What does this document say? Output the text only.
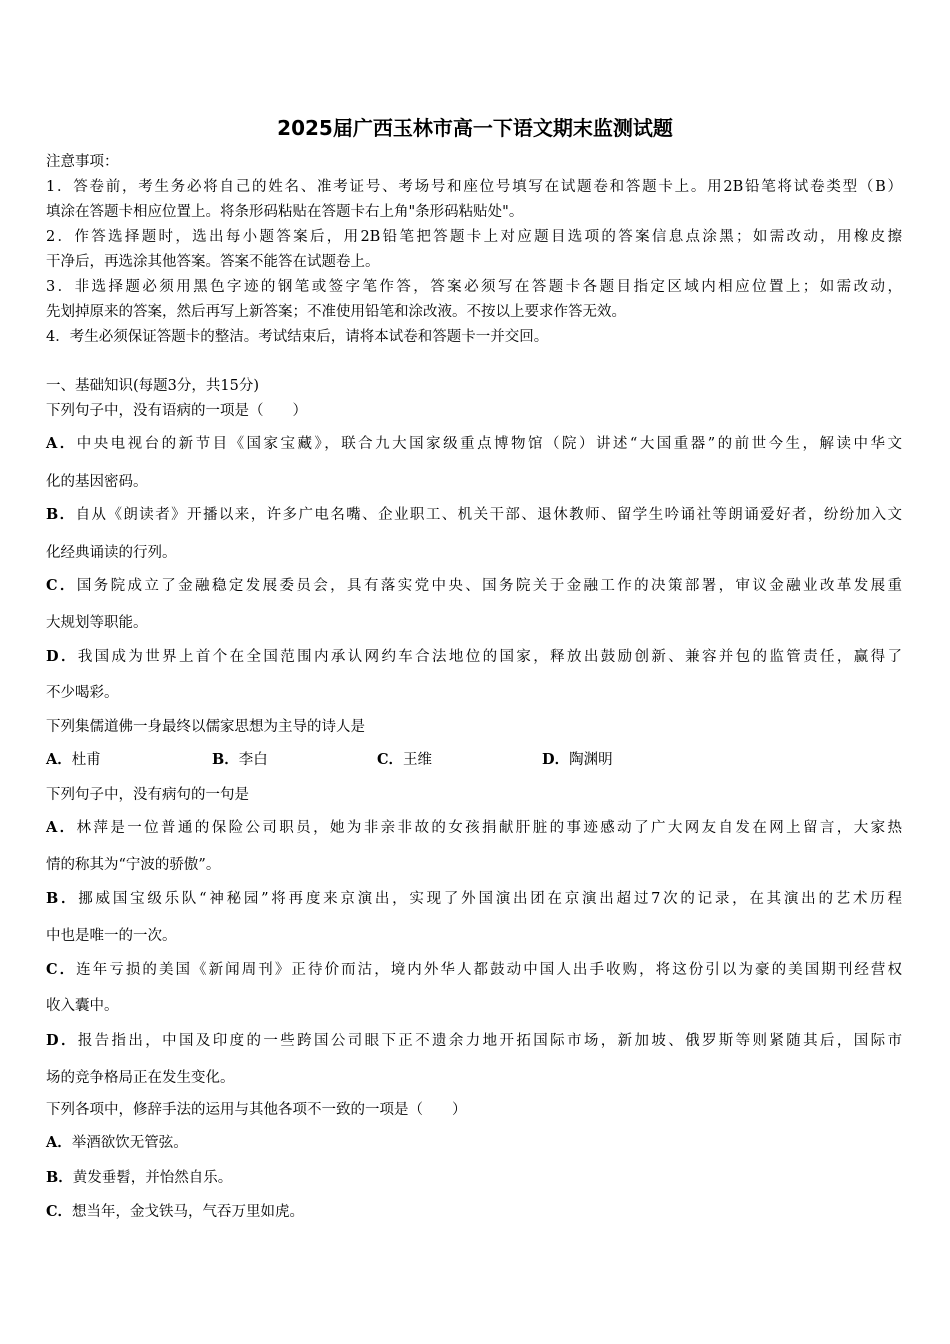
2025届广西玉林市高一下语文期末监测试题
注意事项：
1．答卷前，考生务必将自己的姓名、准考证号、考场号和座位号填写在试题卷和答题卡上。用2B铅笔将试卷类型（B）
填涂在答题卡相应位置上。将条形码粘贴在答题卡右上角"条形码粘贴处"。
2．作答选择题时，选出每小题答案后，用2B铅笔把答题卡上对应题目选项的答案信息点涂黑；如需改动，用橡皮擦
干净后，再选涂其他答案。答案不能答在试题卷上。
3．非选择题必须用黑色字迹的钢笔或签字笔作答，答案必须写在答题卡各题目指定区域内相应位置上；如需改动，
先划掉原来的答案，然后再写上新答案；不准使用铅笔和涂改液。不按以上要求作答无效。
4．考生必须保证答题卡的整洁。考试结束后，请将本试卷和答题卡一并交回。
一、基础知识(每题3分，共15分)
下列句子中，没有语病的一项是（　　）
A．中央电视台的新节目《国家宝藏》，联合九大国家级重点博物馆（院）讲述“大国重器”的前世今生，解读中华文
化的基因密码。
B．自从《朗读者》开播以来，许多广电名嘴、企业职工、机关干部、退休教师、留学生吟诵社等朗诵爱好者，纷纷加入文
化经典诵读的行列。
C．国务院成立了金融稳定发展委员会，具有落实党中央、国务院关于金融工作的决策部署，审议金融业改革发展重
大规划等职能。
D．我国成为世界上首个在全国范围内承认网约车合法地位的国家，释放出鼓励创新、兼容并包的监管责任，赢得了
不少喝彩。
下列集儒道佛一身最终以儒家思想为主导的诗人是
A．杜甫	B．李白	C．王维	D．陶渊明
下列句子中，没有病句的一句是
A．林萍是一位普通的保险公司职员，她为非亲非故的女孩捐献肝脏的事迹感动了广大网友自发在网上留言，大家热
情的称其为“宁波的骄傲”。
B．挪威国宝级乐队“神秘园”将再度来京演出，实现了外国演出团在京演出超过7次的记录，在其演出的艺术历程
中也是唯一的一次。
C．连年亏损的美国《新闻周刊》正待价而沽，境内外华人都鼓动中国人出手收购，将这份引以为豪的美国期刊经营权
收入囊中。
D．报告指出，中国及印度的一些跨国公司眼下正不遗余力地开拓国际市场，新加坡、俄罗斯等则紧随其后，国际市
场的竞争格局正在发生变化。
下列各项中，修辞手法的运用与其他各项不一致的一项是（　　）
A．举酒欲饮无管弦。
B．黄发垂髫，并怡然自乐。
C．想当年，金戈铁马，气吞万里如虎。
